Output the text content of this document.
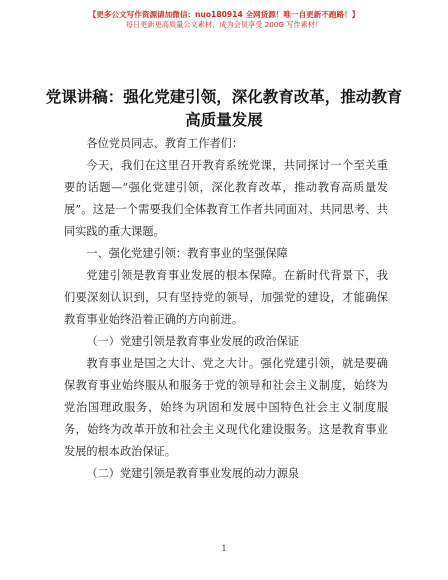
【更多公文写作资源请加微信：nuo180914 全网货源！唯一自更新不跑路！】
每日更新更高质量公文素材，成为会员享受 200G 写作素材！
党课讲稿：强化党建引领，深化教育改革，推动教育高质量发展

各位党员同志、教育工作者们：

今天，我们在这里召开教育系统党课，共同探讨一个至关重要的话题—“强化党建引领，深化教育改革，推动教育高质量发展”。这是一个需要我们全体教育工作者共同面对、共同思考、共同实践的重大课题。

一、强化党建引领：教育事业的坚强保障

党建引领是教育事业发展的根本保障。在新时代背景下，我们要深刻认识到，只有坚持党的领导，加强党的建设，才能确保教育事业始终沿着正确的方向前进。

（一）党建引领是教育事业发展的政治保证

教育事业是国之大计、党之大计。强化党建引领，就是要确保教育事业始终服从和服务于党的领导和社会主义制度，始终为党治国理政服务，始终为巩固和发展中国特色社会主义制度服务，始终为改革开放和社会主义现代化建设服务。这是教育事业发展的根本政治保证。

（二）党建引领是教育事业发展的动力源泉

1
